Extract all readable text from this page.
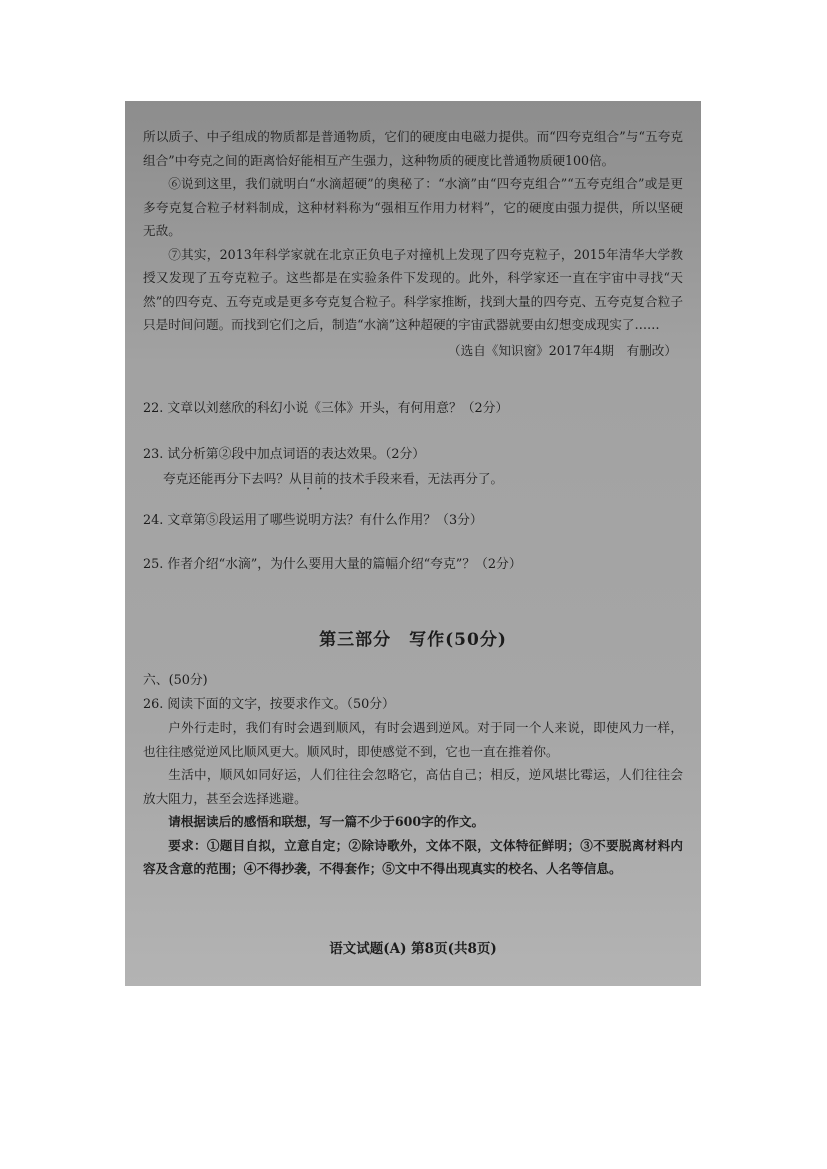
所以质子、中子组成的物质都是普通物质，它们的硬度由电磁力提供。而“四夸克组合”与“五夸克组合”中夸克之间的距离恰好能相互产生强力，这种物质的硬度比普通物质硬100倍。

⑥说到这里，我们就明白“水滴超硬”的奥秘了：“水滴”由“四夸克组合”“五夸克组合”或是更多夸克复合粒子材料制成，这种材料称为“强相互作用力材料”，它的硬度由强力提供，所以坚硬无敌。

⑦其实，2013年科学家就在北京正负电子对撞机上发现了四夸克粒子，2015年清华大学教授又发现了五夸克粒子。这些都是在实验条件下发现的。此外，科学家还一直在宇宙中寻找“天然”的四夸克、五夸克或是更多夸克复合粒子。科学家推断，找到大量的四夸克、五夸克复合粒子只是时间问题。而找到它们之后，制造“水滴”这种超硬的宇宙武器就要由幻想变成现实了……

（选自《知识窗》2017年4期　有删改）

22. 文章以刘慈欣的科幻小说《三体》开头，有何用意？（2分）

23. 试分析第②段中加点词语的表达效果。（2分）

夸克还能再分下去吗？从目前的技术手段来看，无法再分了。

24. 文章第⑤段运用了哪些说明方法？有什么作用？（3分）

25. 作者介绍“水滴”，为什么要用大量的篇幅介绍“夸克”？（2分）

第三部分　写作(50分)

六、(50分)

26. 阅读下面的文字，按要求作文。（50分）

户外行走时，我们有时会遇到顺风，有时会遇到逆风。对于同一个人来说，即使风力一样，也往往感觉逆风比顺风更大。顺风时，即使感觉不到，它也一直在推着你。

生活中，顺风如同好运，人们往往会忽略它，高估自己；相反，逆风堪比霉运，人们往往会放大阻力，甚至会选择逃避。

请根据读后的感悟和联想，写一篇不少于600字的作文。

要求：①题目自拟，立意自定；②除诗歌外，文体不限，文体特征鲜明；③不要脱离材料内容及含意的范围；④不得抄袭，不得套作；⑤文中不得出现真实的校名、人名等信息。

语文试题(A) 第8页(共8页)
